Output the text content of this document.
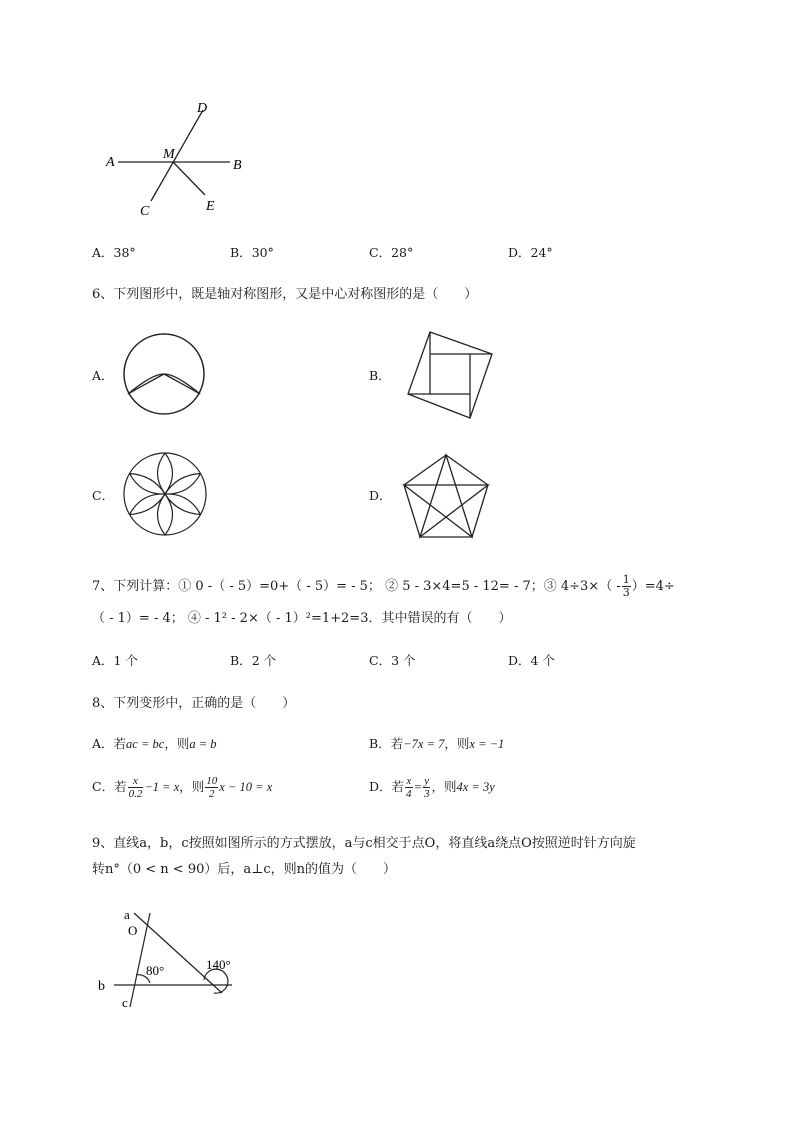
D
M
A	B
C	E
A．38°	B．30°	C．28°	D．24°
6、下列图形中，既是轴对称图形，又是中心对称图形的是（　　）
A．	B．
C．	D．
7、下列计算：① 0 -（ - 5）=0+（ - 5）= - 5； ② 5 - 3×4=5 - 12= - 7；③ $4\div 3\times( - \frac{1}{3} )=4\div$
（ - 1）= - 4； ④ - 1² - 2×（ - 1）²=1+2=3．其中错误的有（　　）
A．1 个	B．2 个	C．3 个	D．4 个
8、下列变形中，正确的是（　　）
A．若ac = bc，则a = b	B．若−7x = 7，则x = −1
C．若 $\frac{x}{0.2} -1 = x$，则 $\frac{10}{2}$ x − 10 = x	D．若 $\frac{x}{4} = \frac{y}{3}$ ，则4x = 3y
9、直线a，b，c按照如图所示的方式摆放，a与c相交于点O，将直线a绕点O按照逆时针方向旋
转n°（0 < n < 90）后，a⊥c，则n的值为（　　）
a
O
b
c
80°	140°
